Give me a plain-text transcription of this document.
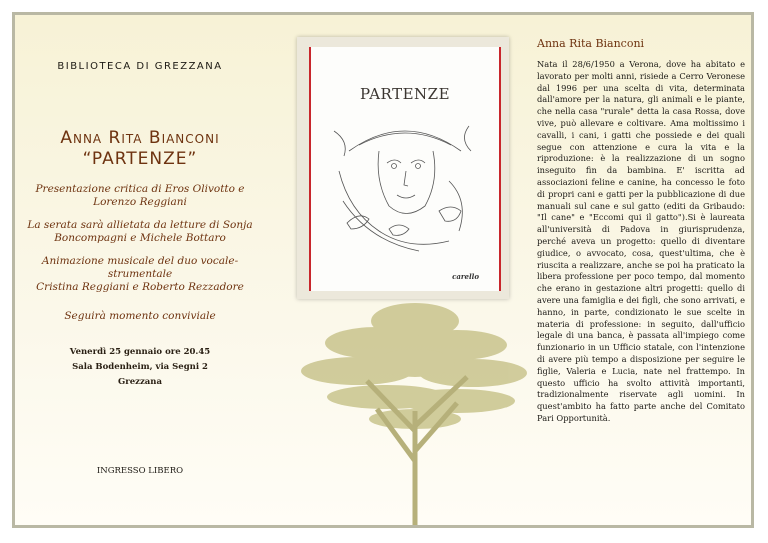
BIBLIOTECA DI GREZZANA
Anna Rita Bianconi
“PARTENZE”
Presentazione critica di Eros Olivotto e Lorenzo Reggiani
La serata sarà allietata da letture di Sonja Boncompagni e Michele Bottaro
Animazione musicale del duo vocale-strumentale
Cristina Reggiani e Roberto Rezzadore
Seguirà momento conviviale
Venerdì 25 gennaio ore 20.45
Sala Bodenheim, via Segni 2
Grezzana
INGRESSO LIBERO
PARTENZE
carello
Anna Rita Bianconi
Nata il 28/6/1950 a Verona, dove ha abitato e lavorato per molti anni, risiede a Cerro Veronese dal 1996 per una scelta di vita, determinata dall'amore per la natura, gli animali e le piante, che nella casa "rurale" detta la casa Rossa, dove vive, può allevare e coltivare. Ama moltissimo i cavalli, i cani, i gatti che possiede e dei quali segue con attenzione e cura la vita e la riproduzione: è la realizzazione di un sogno inseguito fin da bambina. E' iscritta ad associazioni feline e canine, ha concesso le foto di propri cani e gatti per la pubblicazione di due manuali sul cane e sul gatto (editi da Gribaudo: "Il cane" e "Eccomi qui il gatto").Si è laureata all'università di Padova in giurisprudenza, perché aveva un progetto: quello di diventare giudice, o avvocato, cosa, quest'ultima, che è riuscita a realizzare, anche se poi ha praticato la libera professione per poco tempo, dal momento che erano in gestazione altri progetti: quello di avere una famiglia e dei figli, che sono arrivati, e hanno, in parte, condizionato le sue scelte in materia di professione: in seguito, dall'ufficio legale di una banca, è passata all'impiego come funzionario in un Ufficio statale, con l'intenzione di avere più tempo a disposizione per seguire le figlie, Valeria e Lucia, nate nel frattempo. In questo ufficio ha svolto attività importanti, tradizionalmente riservate agli uomini. In quest'ambito ha fatto parte anche del Comitato Pari Opportunità.
